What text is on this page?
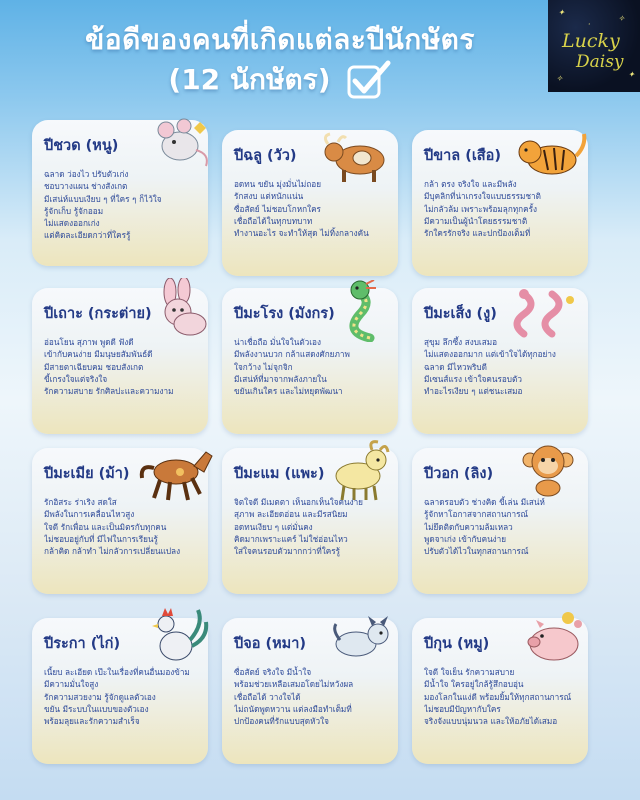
ข้อดีของคนที่เกิดแต่ละปีนักษัตร
(12 นักษัตร)
✦
✧
·
✦
✧
Lucky
Daisy
ปีชวด (หนู)
ฉลาด ว่องไว ปรับตัวเก่ง
ชอบวางแผน ช่างสังเกต
มีเสน่ห์แบบเงียบ ๆ ที่ใคร ๆ ก็ไว้ใจ
รู้จักเก็บ รู้จักออม
ไม่แสดงออกเก่ง
แต่คิดละเอียดกว่าที่ใครรู้
ปีฉลู (วัว)
อดทน ขยัน มุ่งมั่นไม่ถอย
รักสงบ แต่หนักแน่น
ซื่อสัตย์ ไม่ชอบโกหกใคร
เชื่อถือได้ในทุกบทบาท
ทำงานอะไร จะทำให้สุด ไม่ทิ้งกลางคัน
ปีขาล (เสือ)
กล้า ตรง จริงใจ และมีพลัง
มีบุคลิกที่น่าเกรงใจแบบธรรมชาติ
ไม่กลัวล้ม เพราะพร้อมลุกทุกครั้ง
มีความเป็นผู้นำโดยธรรมชาติ
รักใครรักจริง และปกป้องเต็มที่
ปีเถาะ (กระต่าย)
อ่อนโยน สุภาพ พูดดี ฟังดี
เข้ากับคนง่าย มีมนุษยสัมพันธ์ดี
มีสายตาเฉียบคม ชอบสังเกต
ขี้เกรงใจแต่จริงใจ
รักความสบาย รักศิลปะและความงาม
ปีมะโรง (มังกร)
น่าเชื่อถือ มั่นใจในตัวเอง
มีพลังงานบวก กล้าแสดงศักยภาพ
ใจกว้าง ไม่จุกจิก
มีเสน่ห์ที่มาจากพลังภายใน
ขยันเกินใคร และไม่หยุดพัฒนา
ปีมะเส็ง (งู)
สุขุม ลึกซึ้ง สงบเสมอ
ไม่แสดงออกมาก แต่เข้าใจได้ทุกอย่าง
ฉลาด มีไหวพริบดี
มีเซนส์แรง เข้าใจคนรอบตัว
ทำอะไรเงียบ ๆ แต่ชนะเสมอ
ปีมะเมีย (ม้า)
รักอิสระ ร่าเริง สดใส
มีพลังในการเคลื่อนไหวสูง
ใจดี รักเพื่อน และเป็นมิตรกับทุกคน
ไม่ชอบอยู่กับที่ มีไฟในการเรียนรู้
กล้าคิด กล้าทำ ไม่กลัวการเปลี่ยนแปลง
ปีมะแม (แพะ)
จิตใจดี มีเมตตา เห็นอกเห็นใจคนง่าย
สุภาพ ละเอียดอ่อน และมีรสนิยม
อดทนเงียบ ๆ แต่มั่นคง
คิดมากเพราะแคร์ ไม่ใช่อ่อนไหว
ใส่ใจคนรอบตัวมากกว่าที่ใครรู้
ปีวอก (ลิง)
ฉลาดรอบตัว ช่างคิด ขี้เล่น มีเสน่ห์
รู้จักหาโอกาสจากสถานการณ์
ไม่ยึดติดกับความล้มเหลว
พูดจาเก่ง เข้ากับคนง่าย
ปรับตัวได้ไวในทุกสถานการณ์
ปีระกา (ไก่)
เนี้ยบ ละเอียด เป๊ะในเรื่องที่คนอื่นมองข้าม
มีความมั่นใจสูง
รักความสวยงาม รู้จักดูแลตัวเอง
ขยัน มีระบบในแบบของตัวเอง
พร้อมลุยและรักความสำเร็จ
ปีจอ (หมา)
ซื่อสัตย์ จริงใจ มีน้ำใจ
พร้อมช่วยเหลือเสมอโดยไม่หวังผล
เชื่อถือได้ วางใจได้
ไม่ถนัดพูดหวาน แต่ลงมือทำเต็มที่
ปกป้องคนที่รักแบบสุดหัวใจ
ปีกุน (หมู)
ใจดี ใจเย็น รักความสบาย
มีน้ำใจ ใครอยู่ใกล้รู้สึกอบอุ่น
มองโลกในแง่ดี พร้อมยิ้มให้ทุกสถานการณ์
ไม่ชอบมีปัญหากับใคร
จริงจังแบบนุ่มนวล และให้อภัยได้เสมอ
